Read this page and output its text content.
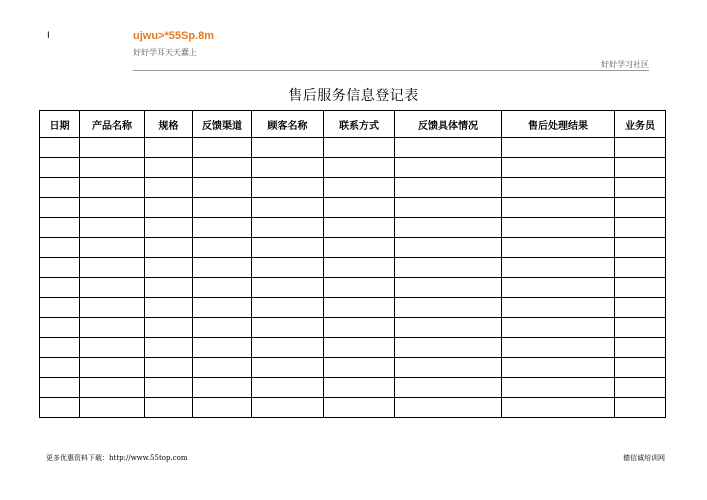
I	ujwu>*55Sp.8m
好好学耳天天蠢上
好好学习社区
售后服务信息登记表
日期	产品名称	规格	反馈渠道	顾客名称	联系方式	反馈具体情况	售后处理结果	业务员

更多优惠资料下载：http://www.55top.com	德信诚培训网
